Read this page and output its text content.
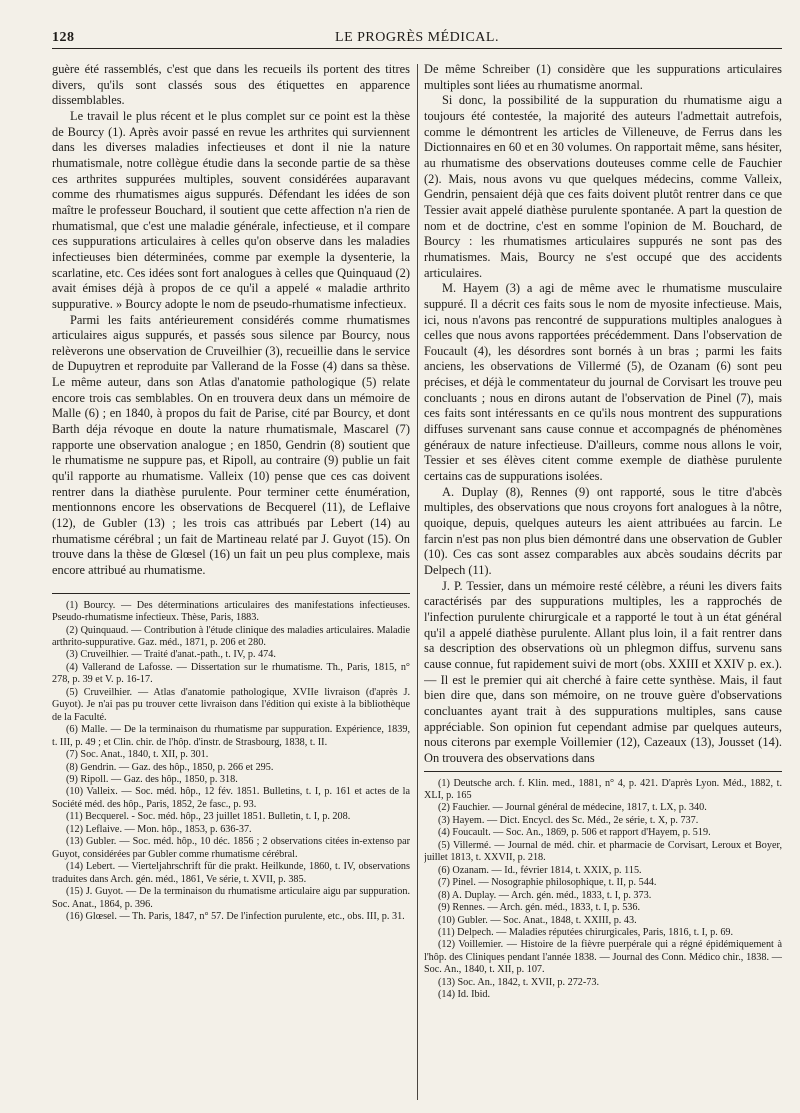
128	LE PROGRÈS MÉDICAL.

guère été rassemblés, c'est que dans les recueils ils portent des titres divers, qu'ils sont classés sous des étiquettes en apparence dissemblables.

Le travail le plus récent et le plus complet sur ce point est la thèse de Bourcy (1). Après avoir passé en revue les arthrites qui surviennent dans les diverses maladies infectieuses et dont il nie la nature rhumatismale, notre collègue étudie dans la seconde partie de sa thèse ces arthrites suppurées multiples, souvent considérées auparavant comme des rhumatismes aigus suppurés. Défendant les idées de son maître le professeur Bouchard, il soutient que cette affection n'a rien de rhumatismal, que c'est une maladie générale, infectieuse, et il compare ces suppurations articulaires à celles qu'on observe dans les maladies infectieuses bien déterminées, comme par exemple la dysenterie, la scarlatine, etc. Ces idées sont fort analogues à celles que Quinquaud (2) avait émises déjà à propos de ce qu'il a appelé « maladie arthrito suppurative. » Bourcy adopte le nom de pseudo-rhumatisme infectieux.

Parmi les faits antérieurement considérés comme rhumatismes articulaires aigus suppurés, et passés sous silence par Bourcy, nous relèverons une observation de Cruveilhier (3), recueillie dans le service de Dupuytren et reproduite par Vallerand de la Fosse (4) dans sa thèse. Le même auteur, dans son Atlas d'anatomie pathologique (5) relate encore trois cas semblables. On en trouvera deux dans un mémoire de Malle (6) ; en 1840, à propos du fait de Parise, cité par Bourcy, et dont Barth déja révoque en doute la nature rhumatismale, Mascarel (7) rapporte une observation analogue ; en 1850, Gendrin (8) soutient que le rhumatisme ne suppure pas, et Ripoll, au contraire (9) publie un fait qu'il rapporte au rhumatisme. Valleix (10) pense que ces cas doivent rentrer dans la diathèse purulente. Pour terminer cette énumération, mentionnons encore les observations de Becquerel (11), de Leflaive (12), de Gubler (13) ; les trois cas attribués par Lebert (14) au rhumatisme cérébral ; un fait de Martineau relaté par J. Guyot (15). On trouve dans la thèse de Glœsel (16) un fait un peu plus complexe, mais encore attribué au rhumatisme.

(1) Bourcy. — Des déterminations articulaires des manifestations infectieuses. Pseudo-rhumatisme infectieux. Thèse, Paris, 1883.

(2) Quinquaud. — Contribution à l'étude clinique des maladies articulaires. Maladie arthrito-suppurative. Gaz. méd., 1871, p. 206 et 280.

(3) Cruveilhier. — Traité d'anat.-path., t. IV, p. 474.

(4) Vallerand de Lafosse. — Dissertation sur le rhumatisme. Th., Paris, 1815, n° 278, p. 39 et V. p. 16-17.

(5) Cruveilhier. — Atlas d'anatomie pathologique, XVIIe livraison (d'après J. Guyot). Je n'ai pas pu trouver cette livraison dans l'édition qui existe à la bibliothèque de la Faculté.

(6) Malle. — De la terminaison du rhumatisme par suppuration. Expérience, 1839, t. III, p. 49 ; et Clin. chir. de l'hôp. d'instr. de Strasbourg, 1838, t. II.

(7) Soc. Anat., 1840, t. XII, p. 301.

(8) Gendrin. — Gaz. des hôp., 1850, p. 266 et 295.

(9) Ripoll. — Gaz. des hôp., 1850, p. 318.

(10) Valleix. — Soc. méd. hôp., 12 fév. 1851. Bulletins, t. I, p. 161 et actes de la Société méd. des hôp., Paris, 1852, 2e fasc., p. 93.

(11) Becquerel. - Soc. méd. hôp., 23 juillet 1851. Bulletin, t. I, p. 208.

(12) Leflaive. — Mon. hôp., 1853, p. 636-37.

(13) Gubler. — Soc. méd. hôp., 10 déc. 1856 ; 2 observations citées in-extenso par Guyot, considérées par Gubler comme rhumatisme cérébral.

(14) Lebert. — Vierteljahrschrift für die prakt. Heilkunde, 1860, t. IV, observations traduites dans Arch. gén. méd., 1861, Ve série, t. XVII, p. 385.

(15) J. Guyot. — De la terminaison du rhumatisme articulaire aigu par suppuration. Soc. Anat., 1864, p. 396.

(16) Glœsel. — Th. Paris, 1847, n° 57. De l'infection purulente, etc., obs. III, p. 31.

De même Schreiber (1) considère que les suppurations articulaires multiples sont liées au rhumatisme anormal.

Si donc, la possibilité de la suppuration du rhumatisme aigu a toujours été contestée, la majorité des auteurs l'admettait autrefois, comme le démontrent les articles de Villeneuve, de Ferrus dans les Dictionnaires en 60 et en 30 volumes. On rapportait même, sans hésiter, au rhumatisme des observations douteuses comme celle de Fauchier (2). Mais, nous avons vu que quelques médecins, comme Valleix, Gendrin, pensaient déjà que ces faits doivent plutôt rentrer dans ce que Tessier avait appelé diathèse purulente spontanée. A part la question de nom et de doctrine, c'est en somme l'opinion de M. Bouchard, de Bourcy : les rhumatismes articulaires suppurés ne sont pas des rhumatismes. Mais, Bourcy ne s'est occupé que des accidents articulaires.

M. Hayem (3) a agi de même avec le rhumatisme musculaire suppuré. Il a décrit ces faits sous le nom de myosite infectieuse. Mais, ici, nous n'avons pas rencontré de suppurations multiples analogues à celles que nous avons rapportées précédemment. Dans l'observation de Foucault (4), les désordres sont bornés à un bras ; parmi les faits anciens, les observations de Villermé (5), de Ozanam (6) sont peu précises, et déjà le commentateur du journal de Corvisart les trouve peu concluants ; nous en dirons autant de l'observation de Pinel (7), mais ces faits sont intéressants en ce qu'ils nous montrent des suppurations diffuses survenant sans cause connue et accompagnés de phénomènes généraux de nature infectieuse. D'ailleurs, comme nous allons le voir, Tessier et ses élèves citent comme exemple de diathèse purulente certains cas de suppurations isolées.

A. Duplay (8), Rennes (9) ont rapporté, sous le titre d'abcès multiples, des observations que nous croyons fort analogues à la nôtre, quoique, depuis, quelques auteurs les aient attribuées au farcin. Le farcin n'est pas non plus bien démontré dans une observation de Gubler (10). Ces cas sont assez comparables aux abcès soudains décrits par Delpech (11).

J. P. Tessier, dans un mémoire resté célèbre, a réuni les divers faits caractérisés par des suppurations multiples, les a rapprochés de l'infection purulente chirurgicale et a rapporté le tout à un état général qu'il a appelé diathèse purulente. Allant plus loin, il a fait rentrer dans sa description des observations où un phlegmon diffus, survenu sans cause connue, fut rapidement suivi de mort (obs. XXIII et XXIV p. ex.). — Il est le premier qui ait cherché à faire cette synthèse. Mais, il faut bien dire que, dans son mémoire, on ne trouve guère d'observations concluantes ayant trait à des suppurations multiples, sans cause appréciable. Son opinion fut cependant admise par quelques auteurs, nous citerons par exemple Voillemier (12), Cazeaux (13), Jousset (14). On trouvera des observations dans

(1) Deutsche arch. f. Klin. med., 1881, n° 4, p. 421. D'après Lyon. Méd., 1882, t. XLI, p. 165

(2) Fauchier. — Journal général de médecine, 1817, t. LX, p. 340.

(3) Hayem. — Dict. Encycl. des Sc. Méd., 2e série, t. X, p. 737.

(4) Foucault. — Soc. An., 1869, p. 506 et rapport d'Hayem, p. 519.

(5) Villermé. — Journal de méd. chir. et pharmacie de Corvisart, Leroux et Boyer, juillet 1813, t. XXVII, p. 218.

(6) Ozanam. — Id., février 1814, t. XXIX, p. 115.

(7) Pinel. — Nosographie philosophique, t. II, p. 544.

(8) A. Duplay. — Arch. gén. méd., 1833, t. I, p. 373.

(9) Rennes. — Arch. gén. méd., 1833, t. I, p. 536.

(10) Gubler. — Soc. Anat., 1848, t. XXIII, p. 43.

(11) Delpech. — Maladies réputées chirurgicales, Paris, 1816, t. I, p. 69.

(12) Voillemier. — Histoire de la fièvre puerpérale qui a régné épidémiquement à l'hôp. des Cliniques pendant l'année 1838. — Journal des Conn. Médico chir., 1838. — Soc. An., 1840, t. XII, p. 107.

(13) Soc. An., 1842, t. XVII, p. 272-73.

(14) Id. Ibid.
